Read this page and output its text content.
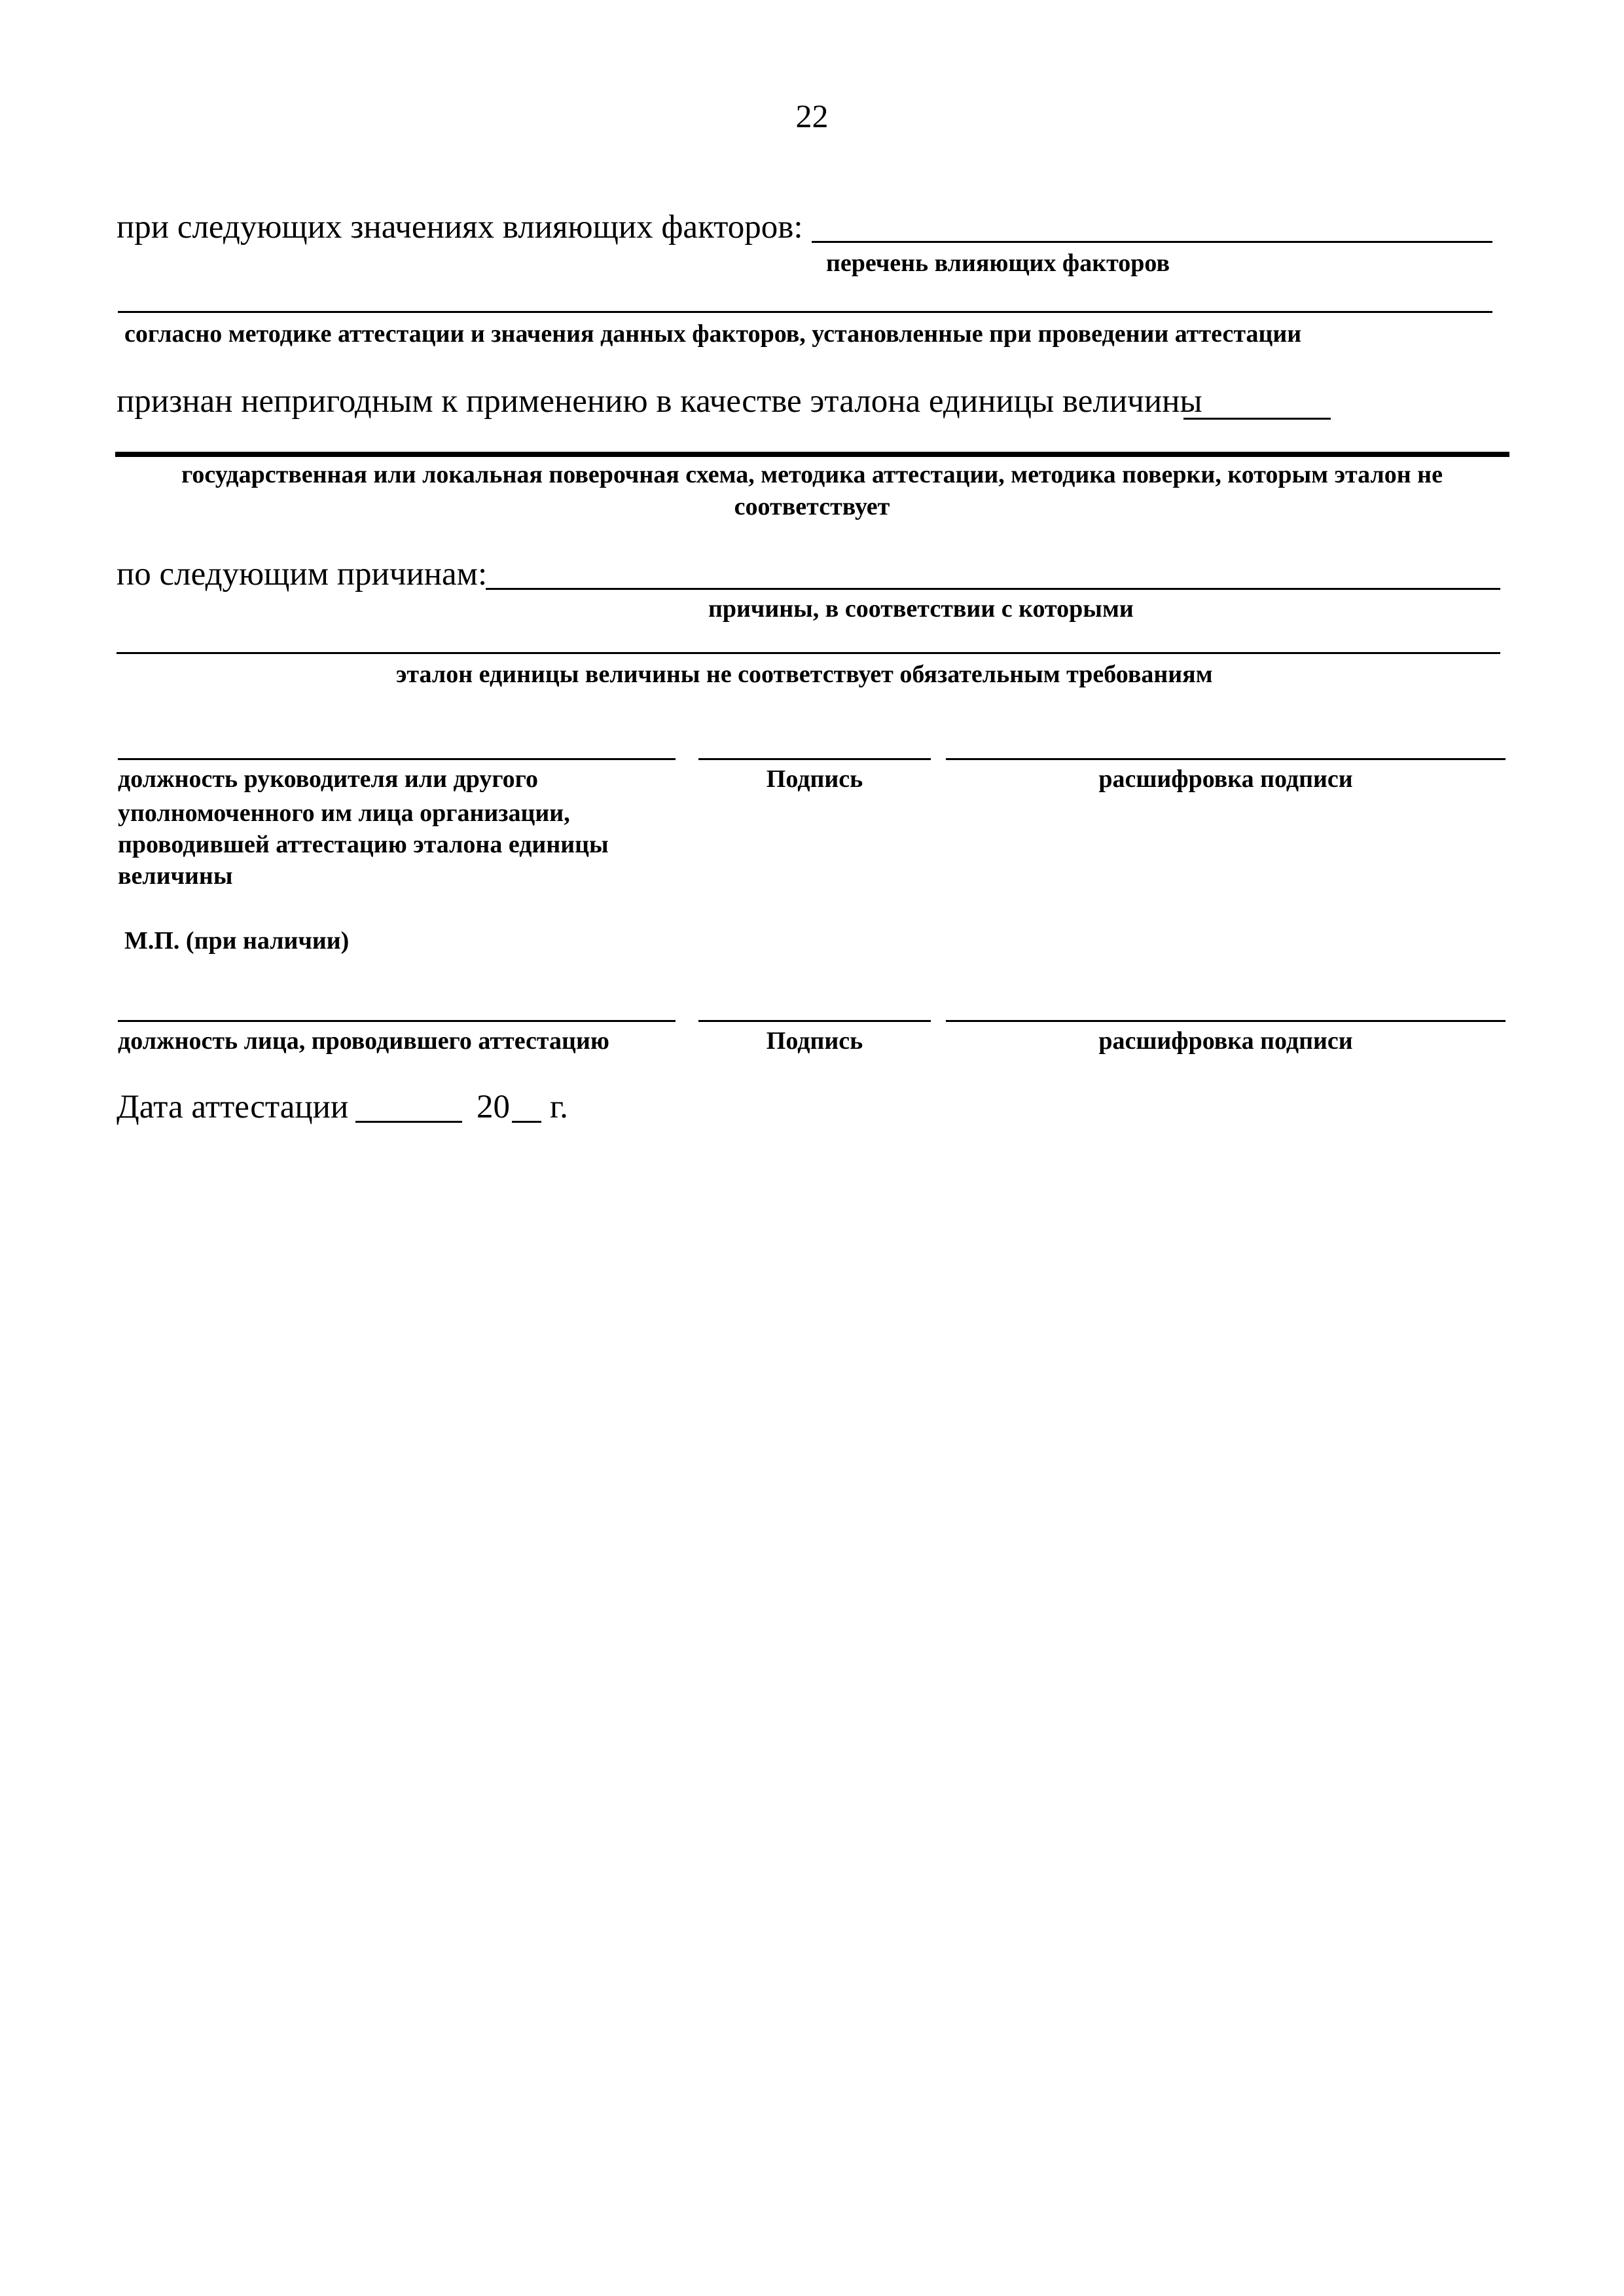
22
при следующих значениях влияющих факторов:
перечень влияющих факторов
согласно методике аттестации и значения данных факторов, установленные при проведении аттестации
признан непригодным к применению в качестве эталона единицы величины
государственная или локальная поверочная схема, методика аттестации, методика поверки, которым эталон не
соответствует
по следующим причинам:
причины, в соответствии с которыми
эталон единицы величины не соответствует обязательным требованиям
должность руководителя или другого
уполномоченного им лица организации,
проводившей аттестацию эталона единицы
величины
Подпись	расшифровка подписи
М.П. (при наличии)
должность лица, проводившего аттестацию	Подпись	расшифровка подписи
Дата аттестации	20 г.
